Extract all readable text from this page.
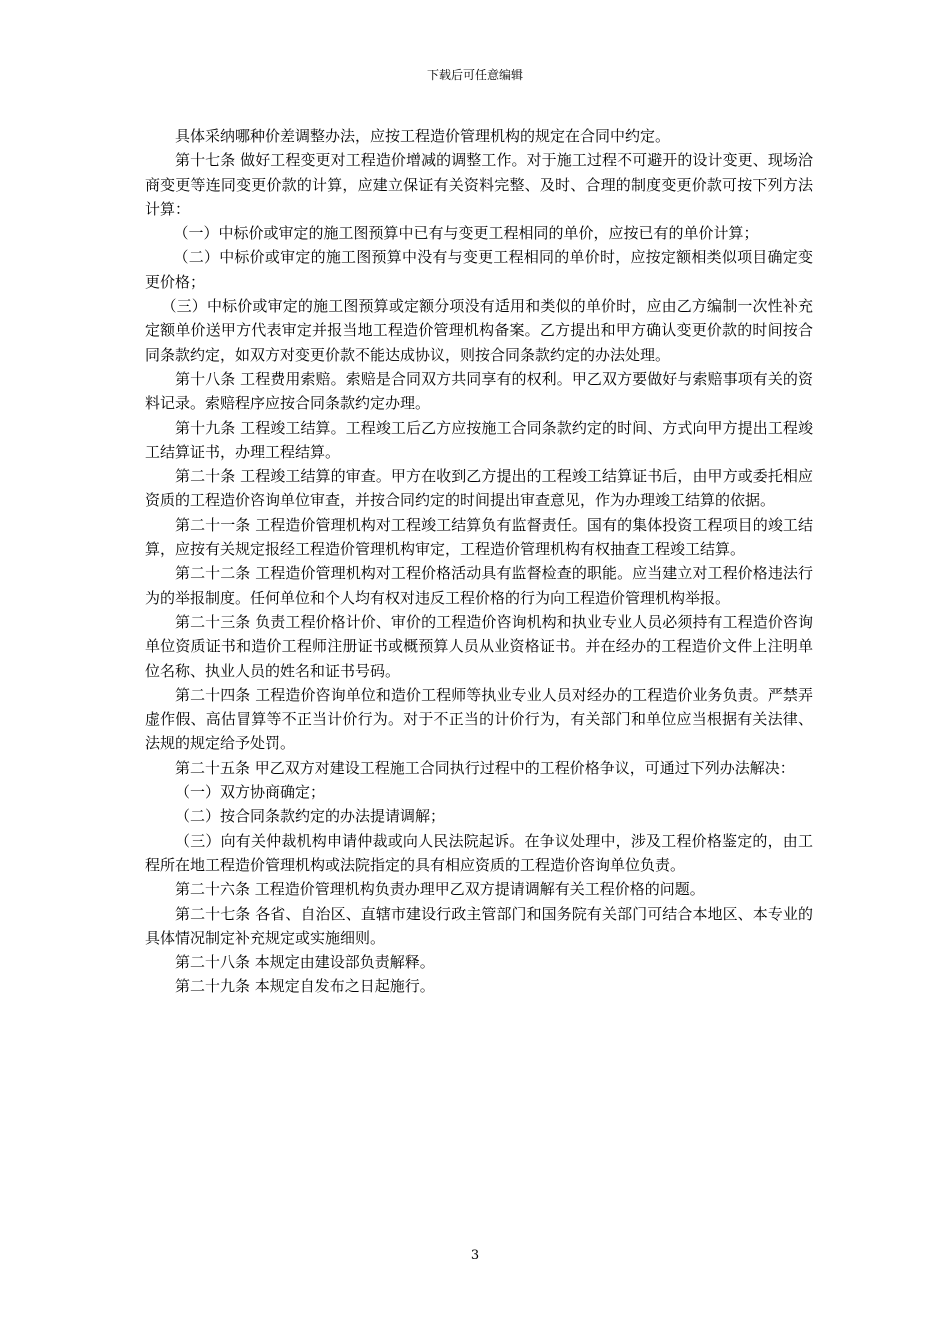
下载后可任意编辑

具体采纳哪种价差调整办法，应按工程造价管理机构的规定在合同中约定。

第十七条 做好工程变更对工程造价增减的调整工作。对于施工过程不可避开的设计变更、现场洽商变更等连同变更价款的计算，应建立保证有关资料完整、及时、合理的制度变更价款可按下列方法计算：

（一）中标价或审定的施工图预算中已有与变更工程相同的单价，应按已有的单价计算；

（二）中标价或审定的施工图预算中没有与变更工程相同的单价时，应按定额相类似项目确定变更价格；

（三）中标价或审定的施工图预算或定额分项没有适用和类似的单价时，应由乙方编制一次性补充定额单价送甲方代表审定并报当地工程造价管理机构备案。乙方提出和甲方确认变更价款的时间按合同条款约定，如双方对变更价款不能达成协议，则按合同条款约定的办法处理。

第十八条 工程费用索赔。索赔是合同双方共同享有的权利。甲乙双方要做好与索赔事项有关的资料记录。索赔程序应按合同条款约定办理。

第十九条 工程竣工结算。工程竣工后乙方应按施工合同条款约定的时间、方式向甲方提出工程竣工结算证书，办理工程结算。

第二十条 工程竣工结算的审查。甲方在收到乙方提出的工程竣工结算证书后，由甲方或委托相应资质的工程造价咨询单位审查，并按合同约定的时间提出审查意见，作为办理竣工结算的依据。

第二十一条 工程造价管理机构对工程竣工结算负有监督责任。国有的集体投资工程项目的竣工结算，应按有关规定报经工程造价管理机构审定，工程造价管理机构有权抽查工程竣工结算。

第二十二条 工程造价管理机构对工程价格活动具有监督检查的职能。应当建立对工程价格违法行为的举报制度。任何单位和个人均有权对违反工程价格的行为向工程造价管理机构举报。

第二十三条 负责工程价格计价、审价的工程造价咨询机构和执业专业人员必须持有工程造价咨询单位资质证书和造价工程师注册证书或概预算人员从业资格证书。并在经办的工程造价文件上注明单位名称、执业人员的姓名和证书号码。

第二十四条 工程造价咨询单位和造价工程师等执业专业人员对经办的工程造价业务负责。严禁弄虚作假、高估冒算等不正当计价行为。对于不正当的计价行为，有关部门和单位应当根据有关法律、法规的规定给予处罚。

第二十五条 甲乙双方对建设工程施工合同执行过程中的工程价格争议，可通过下列办法解决：

（一）双方协商确定；

（二）按合同条款约定的办法提请调解；

（三）向有关仲裁机构申请仲裁或向人民法院起诉。在争议处理中，涉及工程价格鉴定的，由工程所在地工程造价管理机构或法院指定的具有相应资质的工程造价咨询单位负责。

第二十六条 工程造价管理机构负责办理甲乙双方提请调解有关工程价格的问题。

第二十七条 各省、自治区、直辖市建设行政主管部门和国务院有关部门可结合本地区、本专业的具体情况制定补充规定或实施细则。

第二十八条 本规定由建设部负责解释。

第二十九条 本规定自发布之日起施行。

3
